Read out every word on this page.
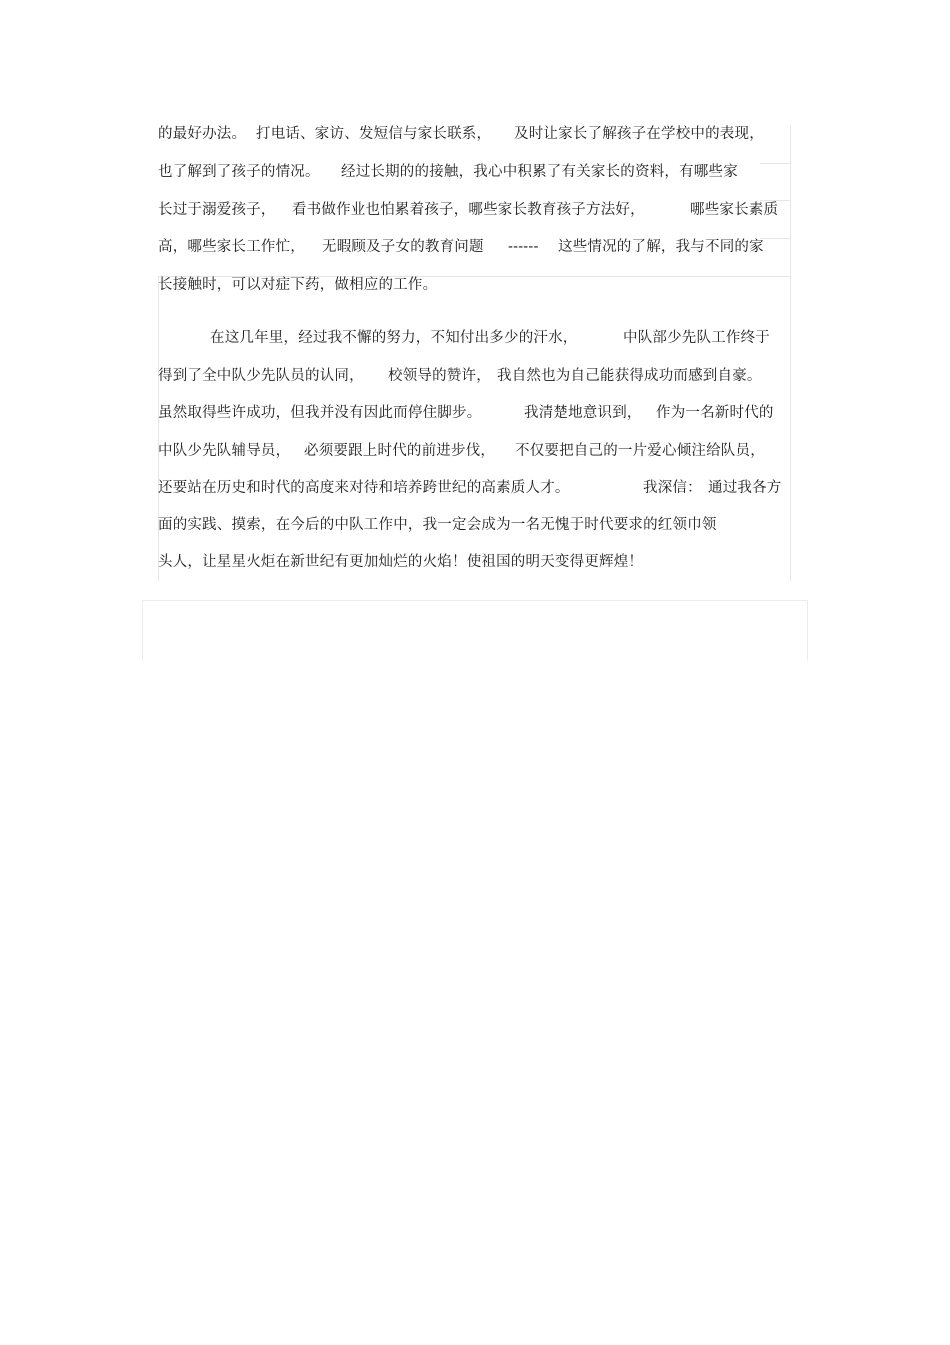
的最好办法。

打电话、家访、发短信与家长联系，

及时让家长了解孩子在学校中的表现，

也了解到了孩子的情况。

经过长期的的接触，我心中积累了有关家长的资料，有哪些家

长过于溺爱孩子，

看书做作业也怕累着孩子，哪些家长教育孩子方法好，

	哪些家长素质

高，哪些家长工作忙，

无暇顾及子女的教育问题

------

这些情况的了解，我与不同的家

长接触时，可以对症下药，做相应的工作。

在这几年里，经过我不懈的努力，不知付出多少的汗水，

	中队部少先队工作终于

得到了全中队少先队员的认同，

校领导的赞许，

我自然也为自己能获得成功而感到自豪。

虽然取得些许成功，但我并没有因此而停住脚步。

	我清楚地意识到，

作为一名新时代的

中队少先队辅导员，

必须要跟上时代的前进步伐，

不仅要把自己的一片爱心倾注给队员，

还要站在历史和时代的高度来对待和培养跨世纪的高素质人才。

	我深信：

通过我各方

面的实践、摸索，在今后的中队工作中，我一定会成为一名无愧于时代要求的红领巾领

头人，让星星火炬在新世纪有更加灿烂的火焰！使祖国的明天变得更辉煌！
